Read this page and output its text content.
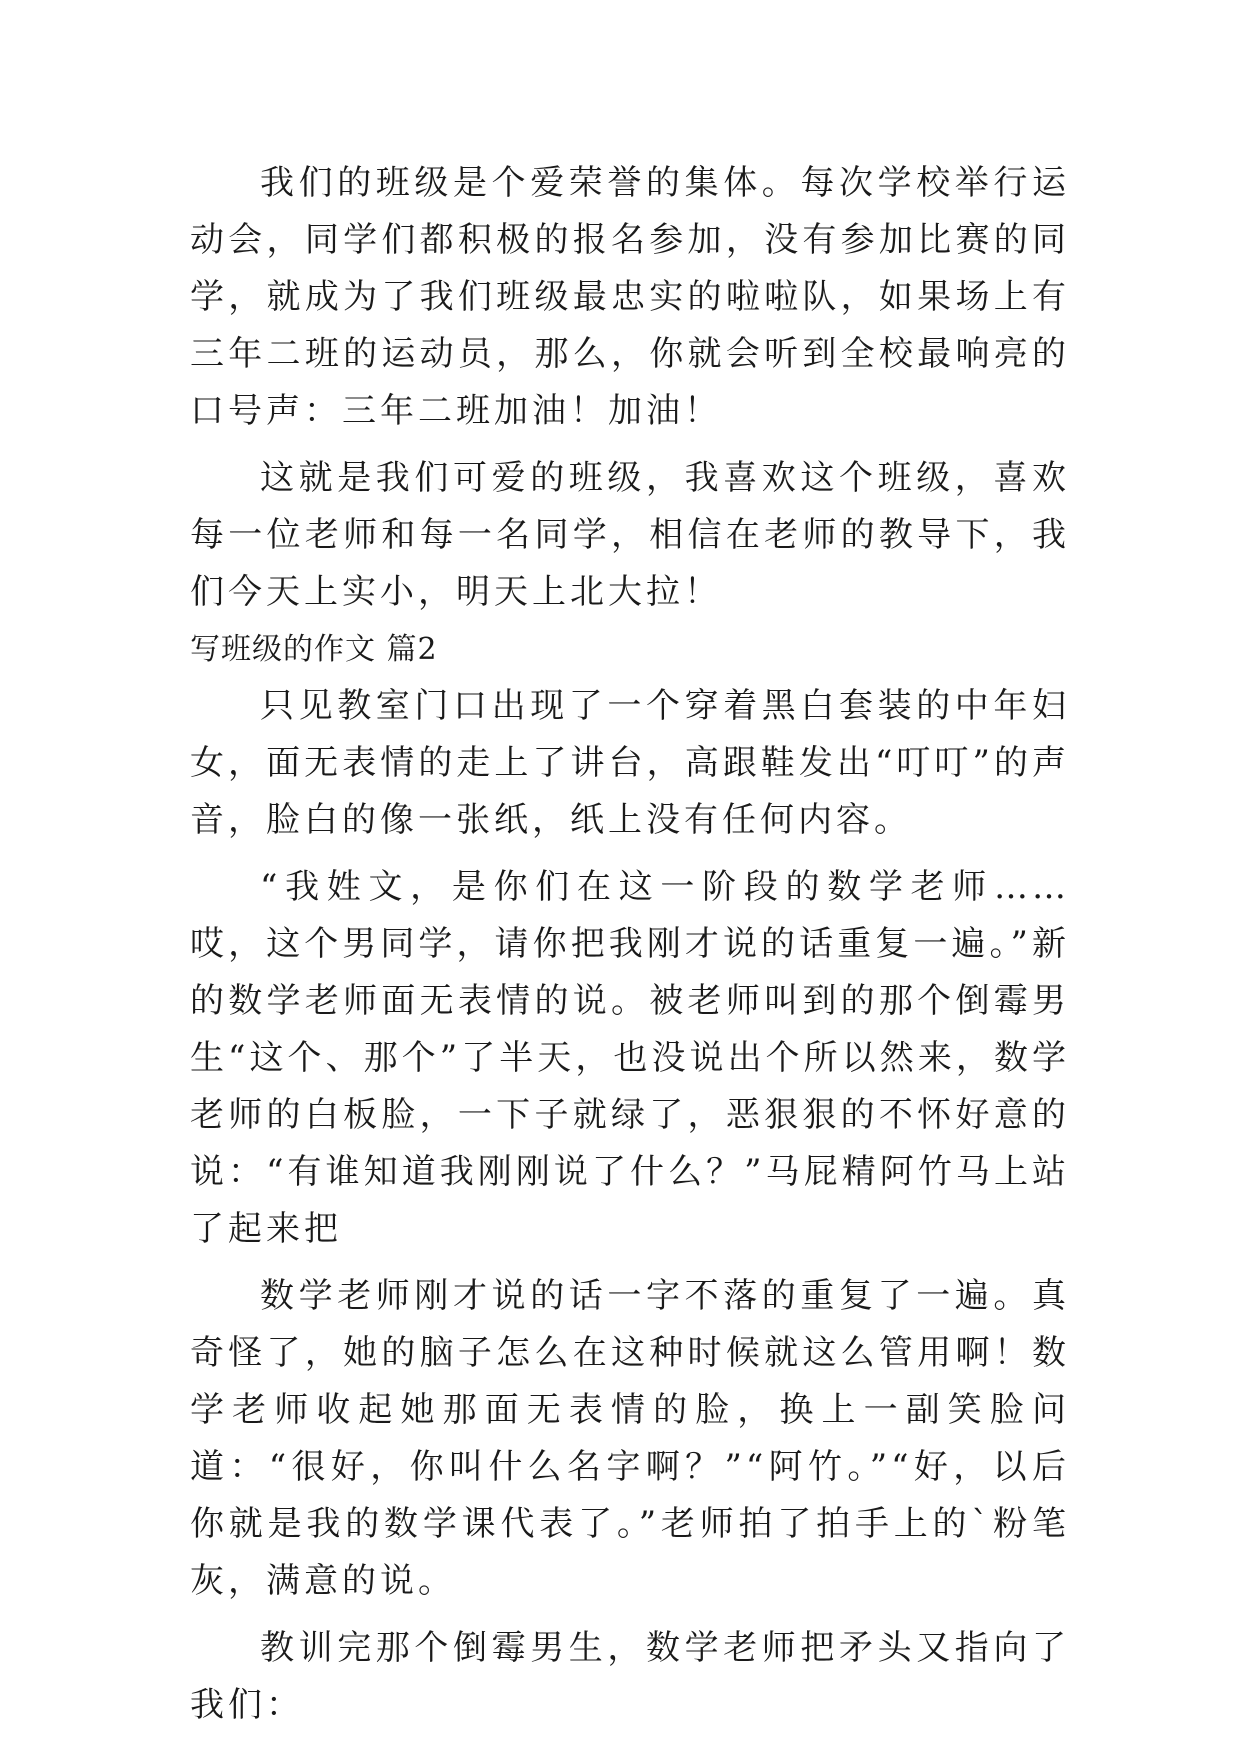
我们的班级是个爱荣誉的集体。每次学校举行运动会，同学们都积极的报名参加，没有参加比赛的同学，就成为了我们班级最忠实的啦啦队，如果场上有三年二班的运动员，那么，你就会听到全校最响亮的口号声：三年二班加油！加油！

这就是我们可爱的班级，我喜欢这个班级，喜欢每一位老师和每一名同学，相信在老师的教导下，我们今天上实小，明天上北大拉！

写班级的作文 篇2

只见教室门口出现了一个穿着黑白套装的中年妇女，面无表情的走上了讲台，高跟鞋发出“叮叮”的声音，脸白的像一张纸，纸上没有任何内容。

“我姓文，是你们在这一阶段的数学老师……哎，这个男同学，请你把我刚才说的话重复一遍。”新的数学老师面无表情的说。被老师叫到的那个倒霉男生“这个、那个”了半天，也没说出个所以然来，数学老师的白板脸，一下子就绿了，恶狠狠的不怀好意的说：“有谁知道我刚刚说了什么？”马屁精阿竹马上站了起来把

数学老师刚才说的话一字不落的重复了一遍。真奇怪了，她的脑子怎么在这种时候就这么管用啊！数学老师收起她那面无表情的脸，换上一副笑脸问道：“很好，你叫什么名字啊？”“阿竹。”“好，以后你就是我的数学课代表了。”老师拍了拍手上的`粉笔灰，满意的说。

教训完那个倒霉男生，数学老师把矛头又指向了我们：
